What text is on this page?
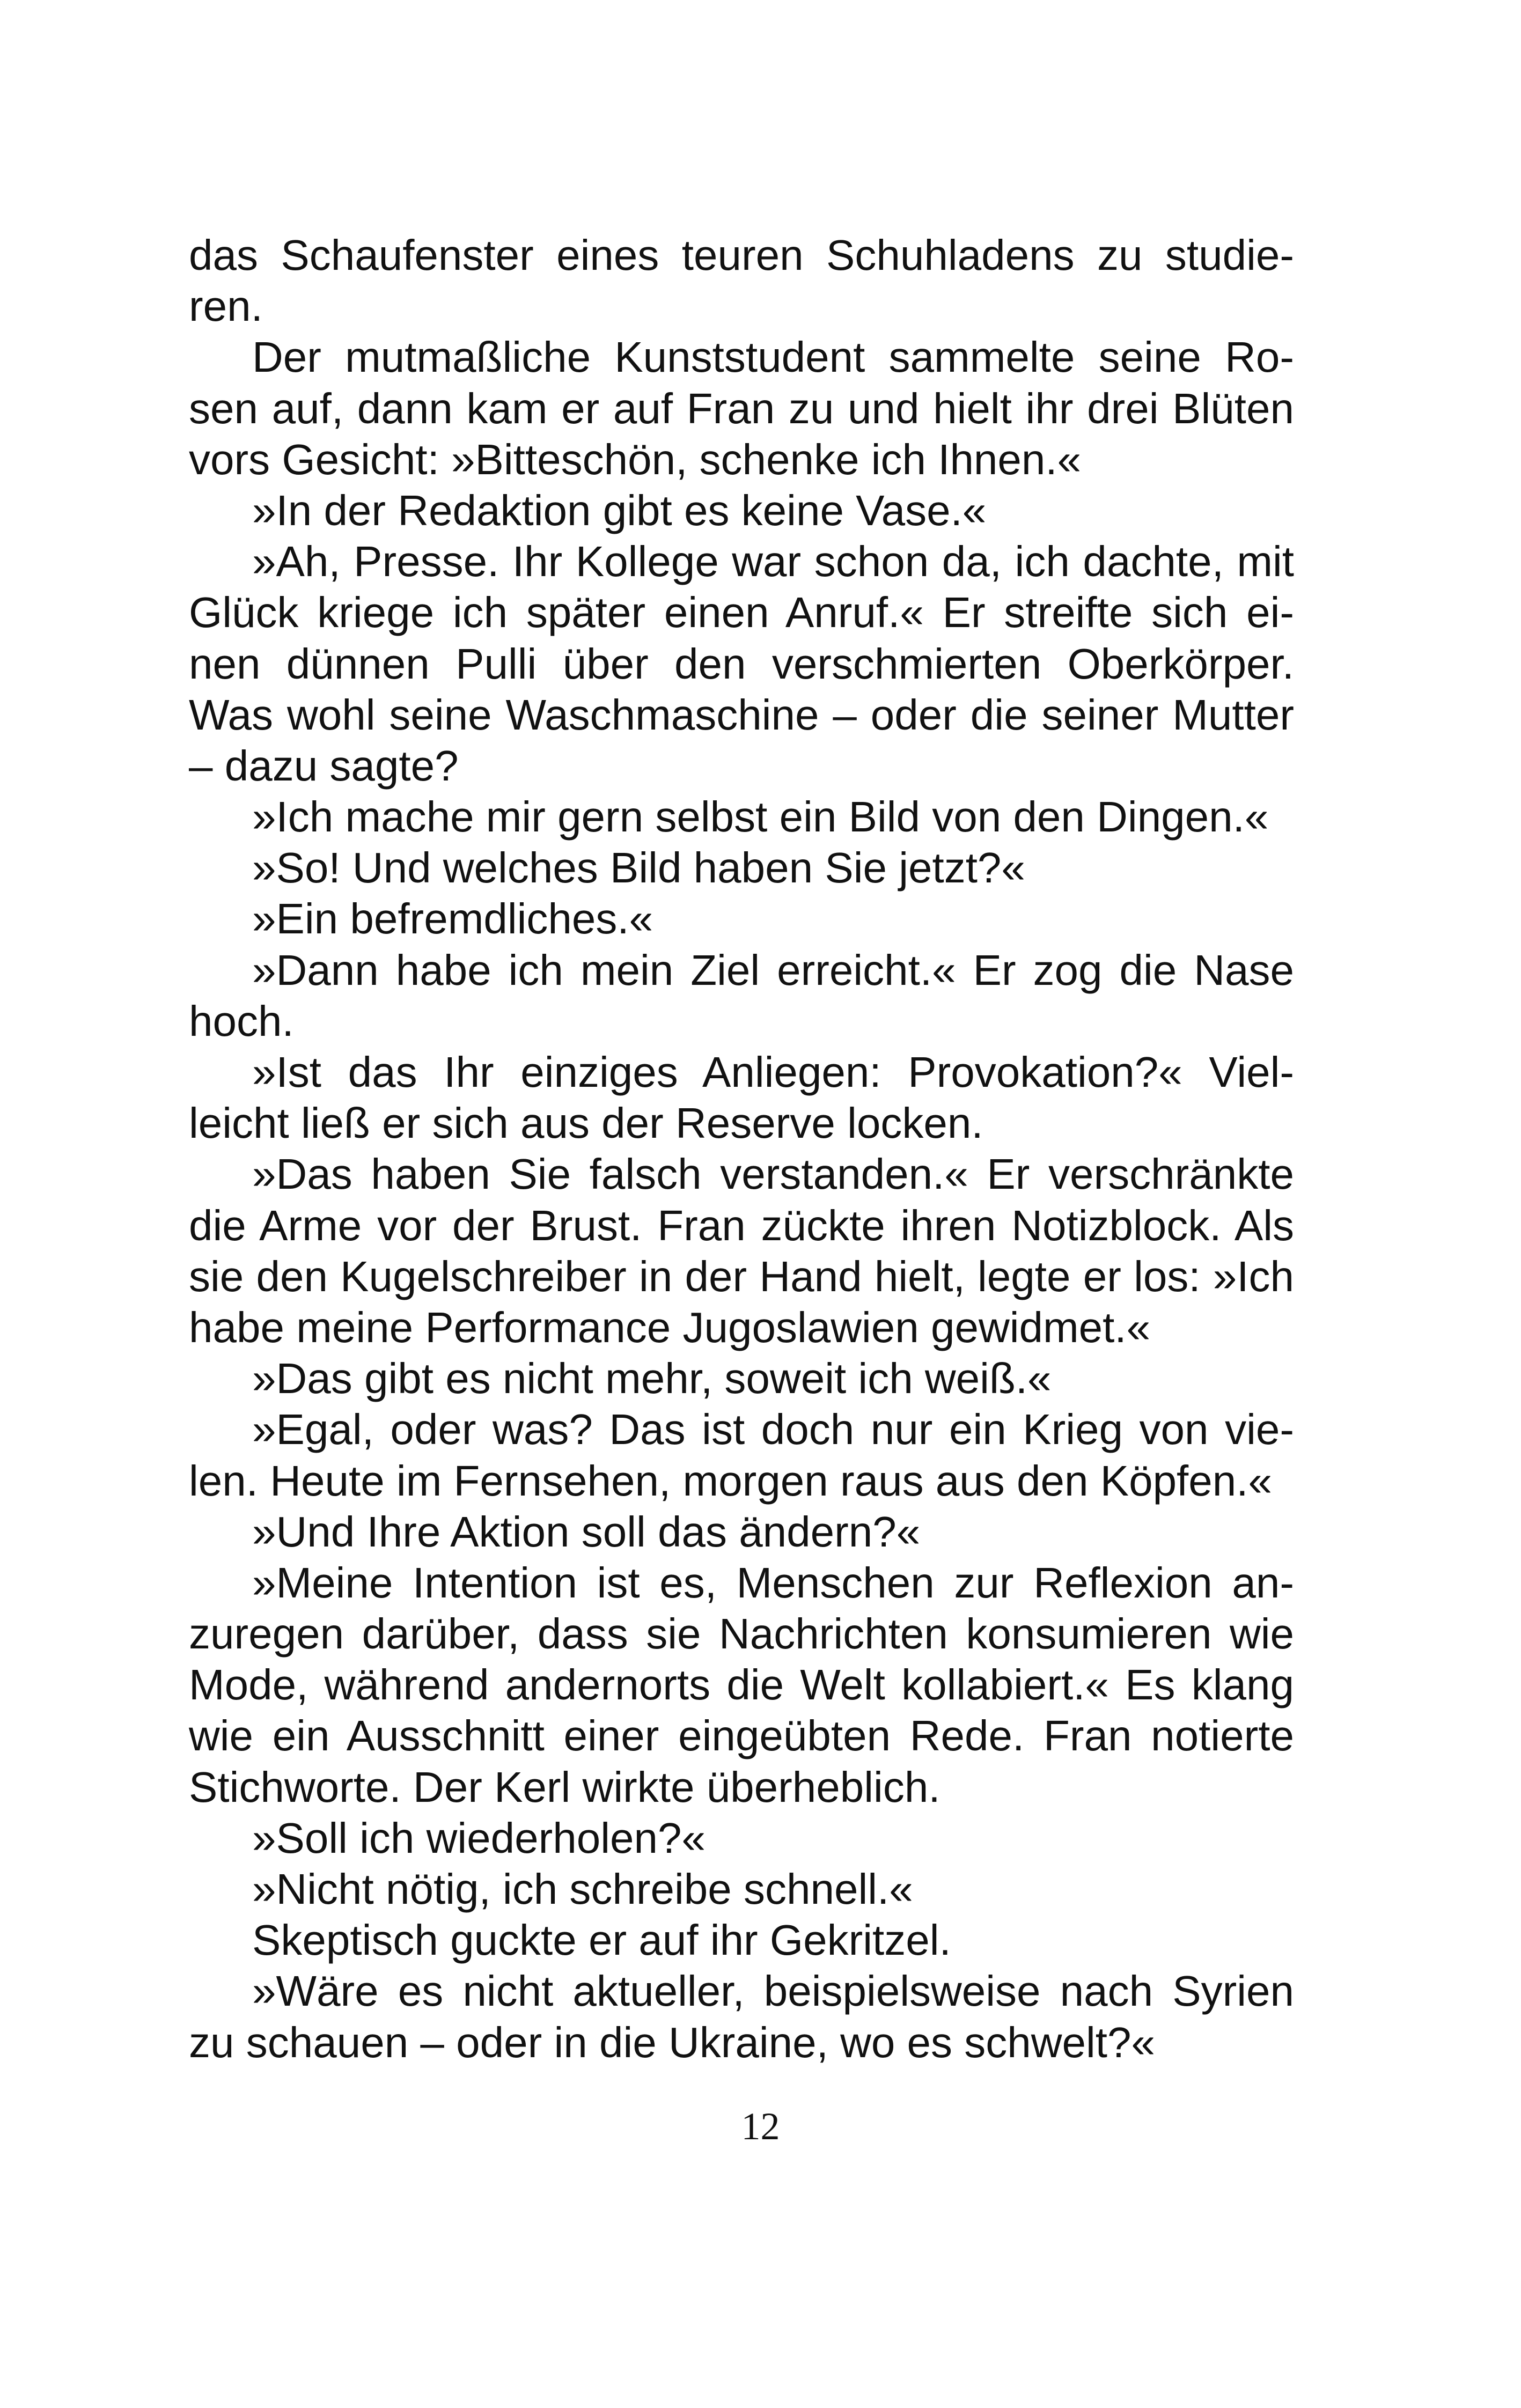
das Schaufenster eines teuren Schuhladens zu studie-
ren.
Der mutmaßliche Kunststudent sammelte seine Ro-
sen auf, dann kam er auf Fran zu und hielt ihr drei Blüten
vors Gesicht: »Bitteschön, schenke ich Ihnen.«
»In der Redaktion gibt es keine Vase.«
»Ah, Presse. Ihr Kollege war schon da, ich dachte, mit
Glück kriege ich später einen Anruf.« Er streifte sich ei-
nen dünnen Pulli über den verschmierten Oberkörper.
Was wohl seine Waschmaschine – oder die seiner Mutter
– dazu sagte?
»Ich mache mir gern selbst ein Bild von den Dingen.«
»So! Und welches Bild haben Sie jetzt?«
»Ein befremdliches.«
»Dann habe ich mein Ziel erreicht.« Er zog die Nase
hoch.
»Ist das Ihr einziges Anliegen: Provokation?« Viel-
leicht ließ er sich aus der Reserve locken.
»Das haben Sie falsch verstanden.« Er verschränkte
die Arme vor der Brust. Fran zückte ihren Notizblock. Als
sie den Kugelschreiber in der Hand hielt, legte er los: »Ich
habe meine Performance Jugoslawien gewidmet.«
»Das gibt es nicht mehr, soweit ich weiß.«
»Egal, oder was? Das ist doch nur ein Krieg von vie-
len. Heute im Fernsehen, morgen raus aus den Köpfen.«
»Und Ihre Aktion soll das ändern?«
»Meine Intention ist es, Menschen zur Reflexion an-
zuregen darüber, dass sie Nachrichten konsumieren wie
Mode, während andernorts die Welt kollabiert.« Es klang
wie ein Ausschnitt einer eingeübten Rede. Fran notierte
Stichworte. Der Kerl wirkte überheblich.
»Soll ich wiederholen?«
»Nicht nötig, ich schreibe schnell.«
Skeptisch guckte er auf ihr Gekritzel.
»Wäre es nicht aktueller, beispielsweise nach Syrien
zu schauen – oder in die Ukraine, wo es schwelt?«
12
